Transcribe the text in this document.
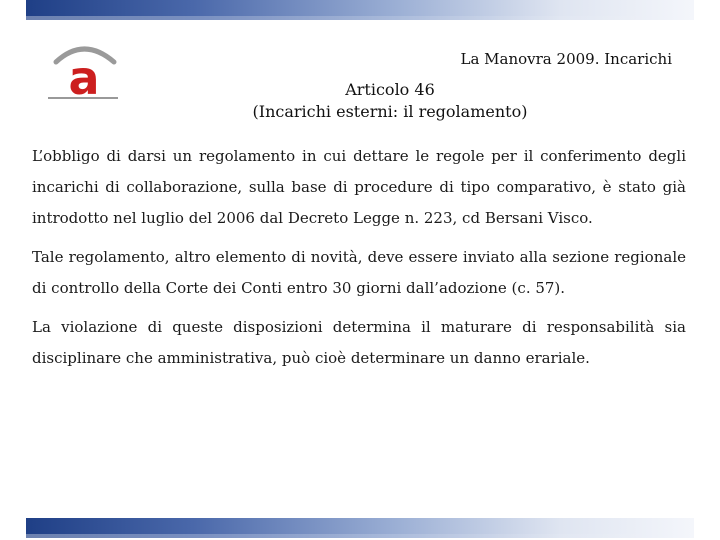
a	La Manovra 2009. Incarichi
Articolo 46
(Incarichi esterni: il regolamento)

L’obbligo di darsi un regolamento in cui dettare le regole per il conferimento degli incarichi di collaborazione, sulla base di procedure di tipo comparativo, è stato già introdotto nel luglio del 2006 dal Decreto Legge n. 223, cd Bersani Visco.

Tale regolamento, altro elemento di novità, deve essere inviato alla sezione regionale di controllo della Corte dei Conti entro 30 giorni dall’adozione (c. 57).

La violazione di queste disposizioni determina il maturare di responsabilità sia disciplinare che amministrativa, può cioè determinare un danno erariale.
